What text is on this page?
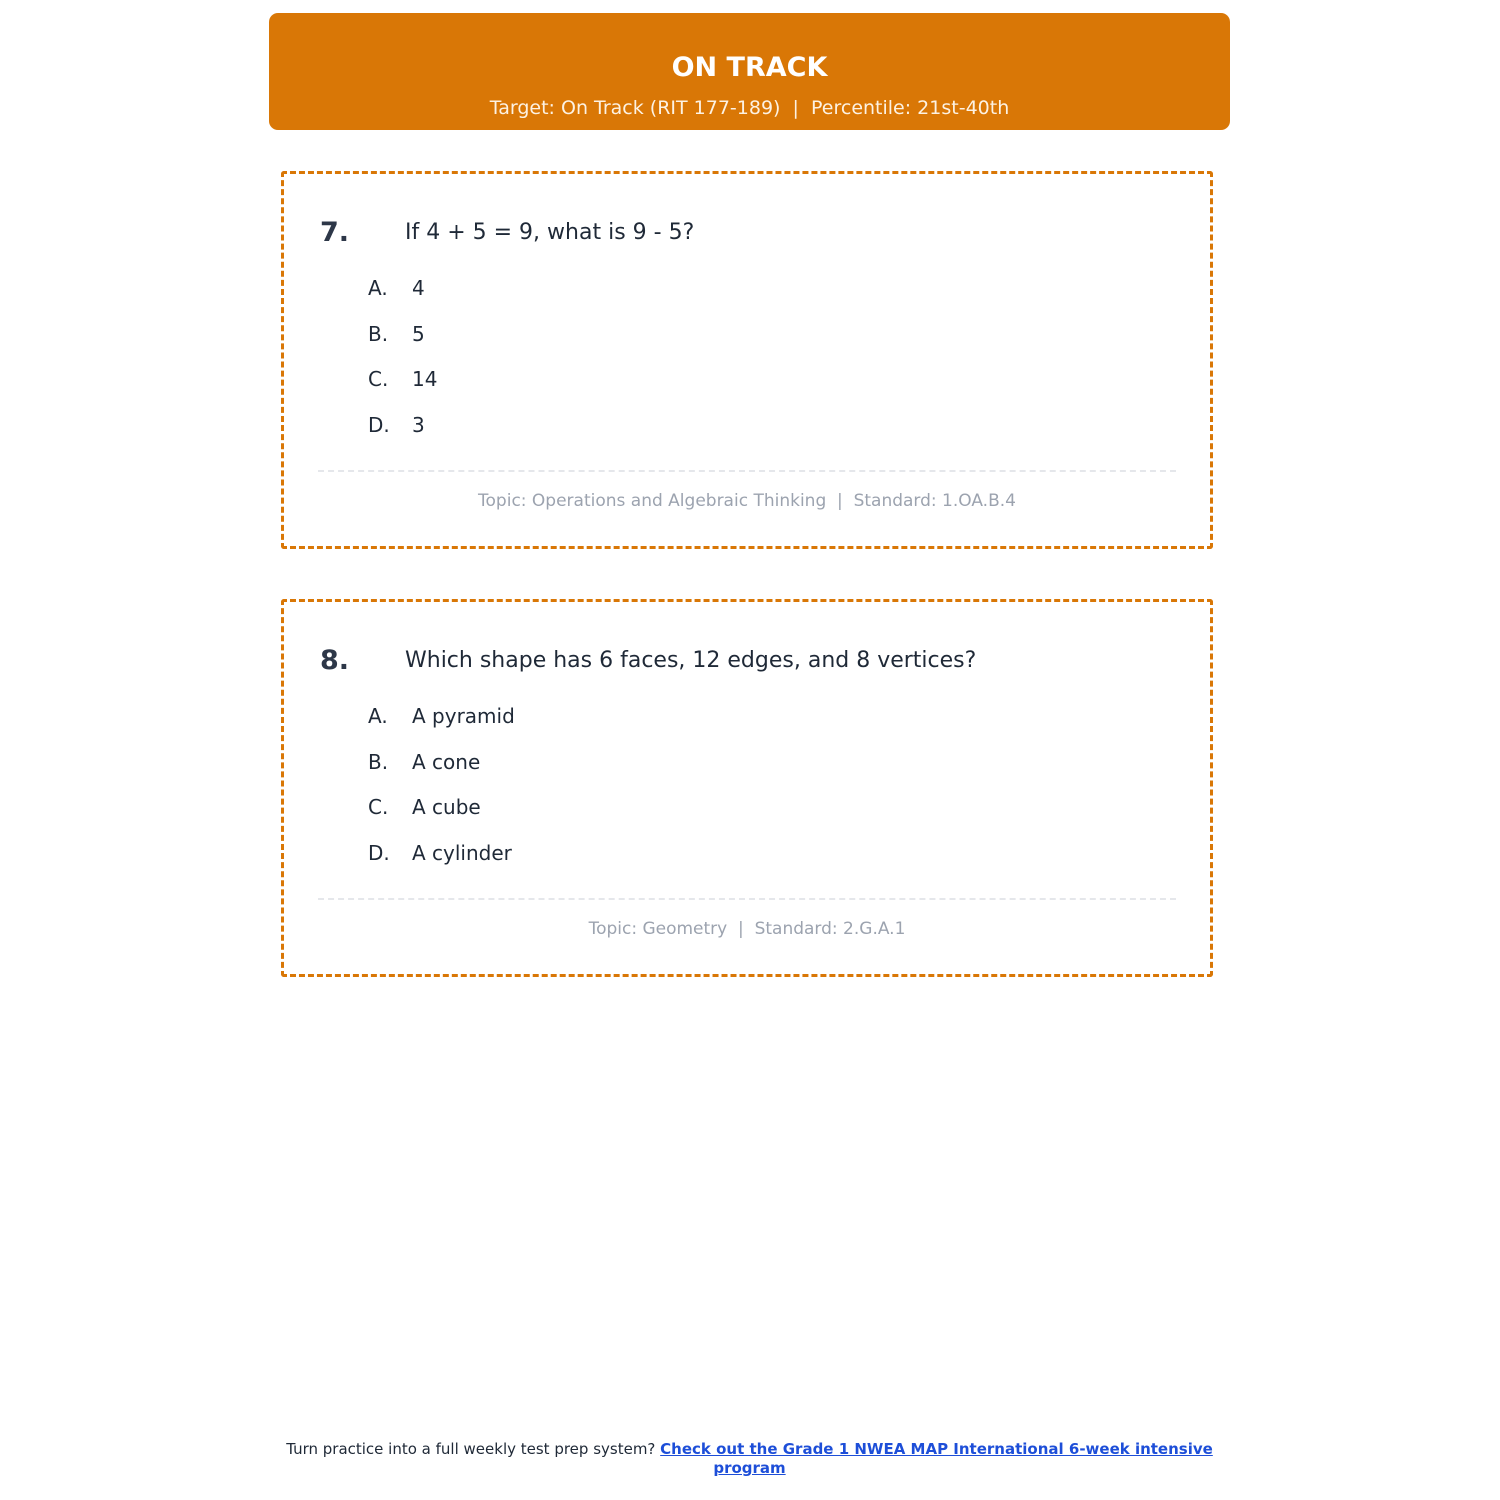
ON TRACK
Target: On Track (RIT 177-189)  |  Percentile: 21st-40th
7.	If 4 + 5 = 9, what is 9 - 5?
A. 4
B. 5
C. 14
D. 3
Topic: Operations and Algebraic Thinking  |  Standard: 1.OA.B.4
8.	Which shape has 6 faces, 12 edges, and 8 vertices?
A. A pyramid
B. A cone
C. A cube
D. A cylinder
Topic: Geometry  |  Standard: 2.G.A.1
Turn practice into a full weekly test prep system? Check out the Grade 1 NWEA MAP International 6-week intensive program
